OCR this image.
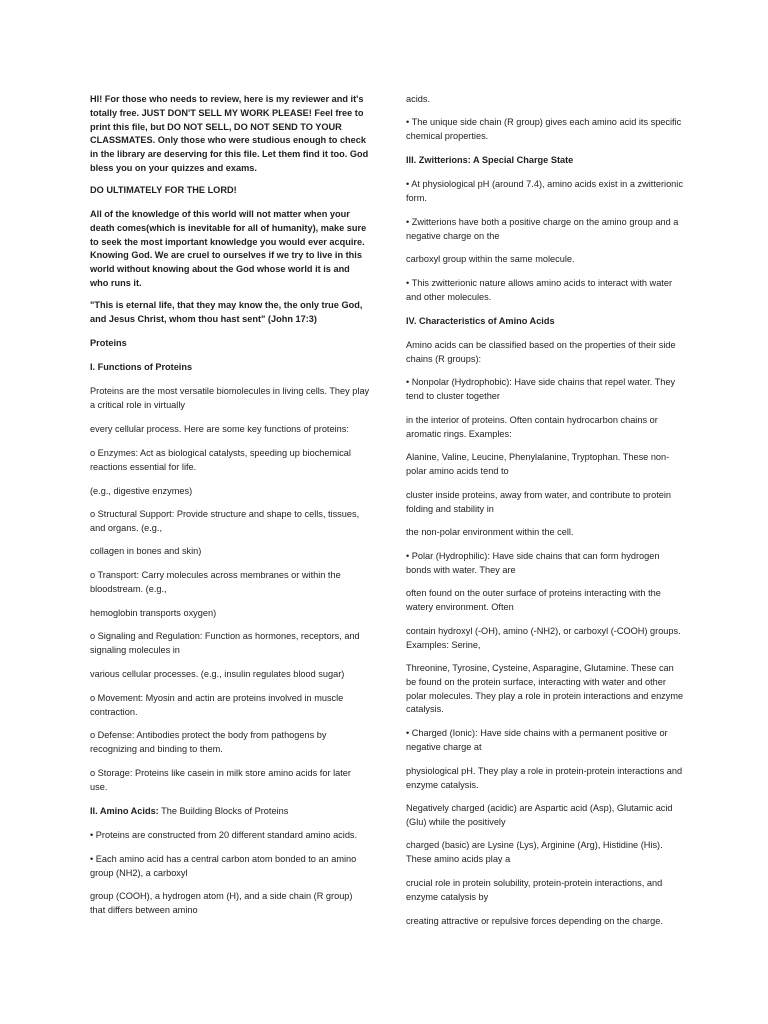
HI! For those who needs to review, here is my reviewer and it's totally free. JUST DON'T SELL MY WORK PLEASE! Feel free to print this file, but DO NOT SELL, DO NOT SEND TO YOUR CLASSMATES. Only those who were studious enough to check in the library are deserving for this file. Let them find it too. God bless you on your quizzes and exams.

DO ULTIMATELY FOR THE LORD!

All of the knowledge of this world will not matter when your death comes(which is inevitable for all of humanity), make sure to seek the most important knowledge you would ever acquire. Knowing God. We are cruel to ourselves if we try to live in this world without knowing about the God whose world it is and who runs it.

"This is eternal life, that they may know the, the only true God, and Jesus Christ, whom thou hast sent" (John 17:3)

Proteins

I. Functions of Proteins

Proteins are the most versatile biomolecules in living cells. They play a critical role in virtually

every cellular process. Here are some key functions of proteins:

o Enzymes: Act as biological catalysts, speeding up biochemical reactions essential for life.

(e.g., digestive enzymes)

o Structural Support: Provide structure and shape to cells, tissues, and organs. (e.g.,

collagen in bones and skin)

o Transport: Carry molecules across membranes or within the bloodstream. (e.g.,

hemoglobin transports oxygen)

o Signaling and Regulation: Function as hormones, receptors, and signaling molecules in

various cellular processes. (e.g., insulin regulates blood sugar)

o Movement: Myosin and actin are proteins involved in muscle contraction.

o Defense: Antibodies protect the body from pathogens by recognizing and binding to them.

o Storage: Proteins like casein in milk store amino acids for later use.

II. Amino Acids: The Building Blocks of Proteins

• Proteins are constructed from 20 different standard amino acids.

• Each amino acid has a central carbon atom bonded to an amino group (NH2), a carboxyl

group (COOH), a hydrogen atom (H), and a side chain (R group) that differs between amino

acids.

• The unique side chain (R group) gives each amino acid its specific chemical properties.

III. Zwitterions: A Special Charge State

• At physiological pH (around 7.4), amino acids exist in a zwitterionic form.

• Zwitterions have both a positive charge on the amino group and a negative charge on the

carboxyl group within the same molecule.

• This zwitterionic nature allows amino acids to interact with water and other molecules.

IV. Characteristics of Amino Acids

Amino acids can be classified based on the properties of their side chains (R groups):

• Nonpolar (Hydrophobic): Have side chains that repel water. They tend to cluster together

in the interior of proteins. Often contain hydrocarbon chains or aromatic rings. Examples:

Alanine, Valine, Leucine, Phenylalanine, Tryptophan. These non-polar amino acids tend to

cluster inside proteins, away from water, and contribute to protein folding and stability in

the non-polar environment within the cell.

• Polar (Hydrophilic): Have side chains that can form hydrogen bonds with water. They are

often found on the outer surface of proteins interacting with the watery environment. Often

contain hydroxyl (-OH), amino (-NH2), or carboxyl (-COOH) groups. Examples: Serine,

Threonine, Tyrosine, Cysteine, Asparagine, Glutamine. These can be found on the protein surface, interacting with water and other polar molecules. They play a role in protein interactions and enzyme catalysis.

• Charged (Ionic): Have side chains with a permanent positive or negative charge at

physiological pH. They play a role in protein-protein interactions and enzyme catalysis.

Negatively charged (acidic) are Aspartic acid (Asp), Glutamic acid (Glu) while the positively

charged (basic) are Lysine (Lys), Arginine (Arg), Histidine (His). These amino acids play a

crucial role in protein solubility, protein-protein interactions, and enzyme catalysis by

creating attractive or repulsive forces depending on the charge.
